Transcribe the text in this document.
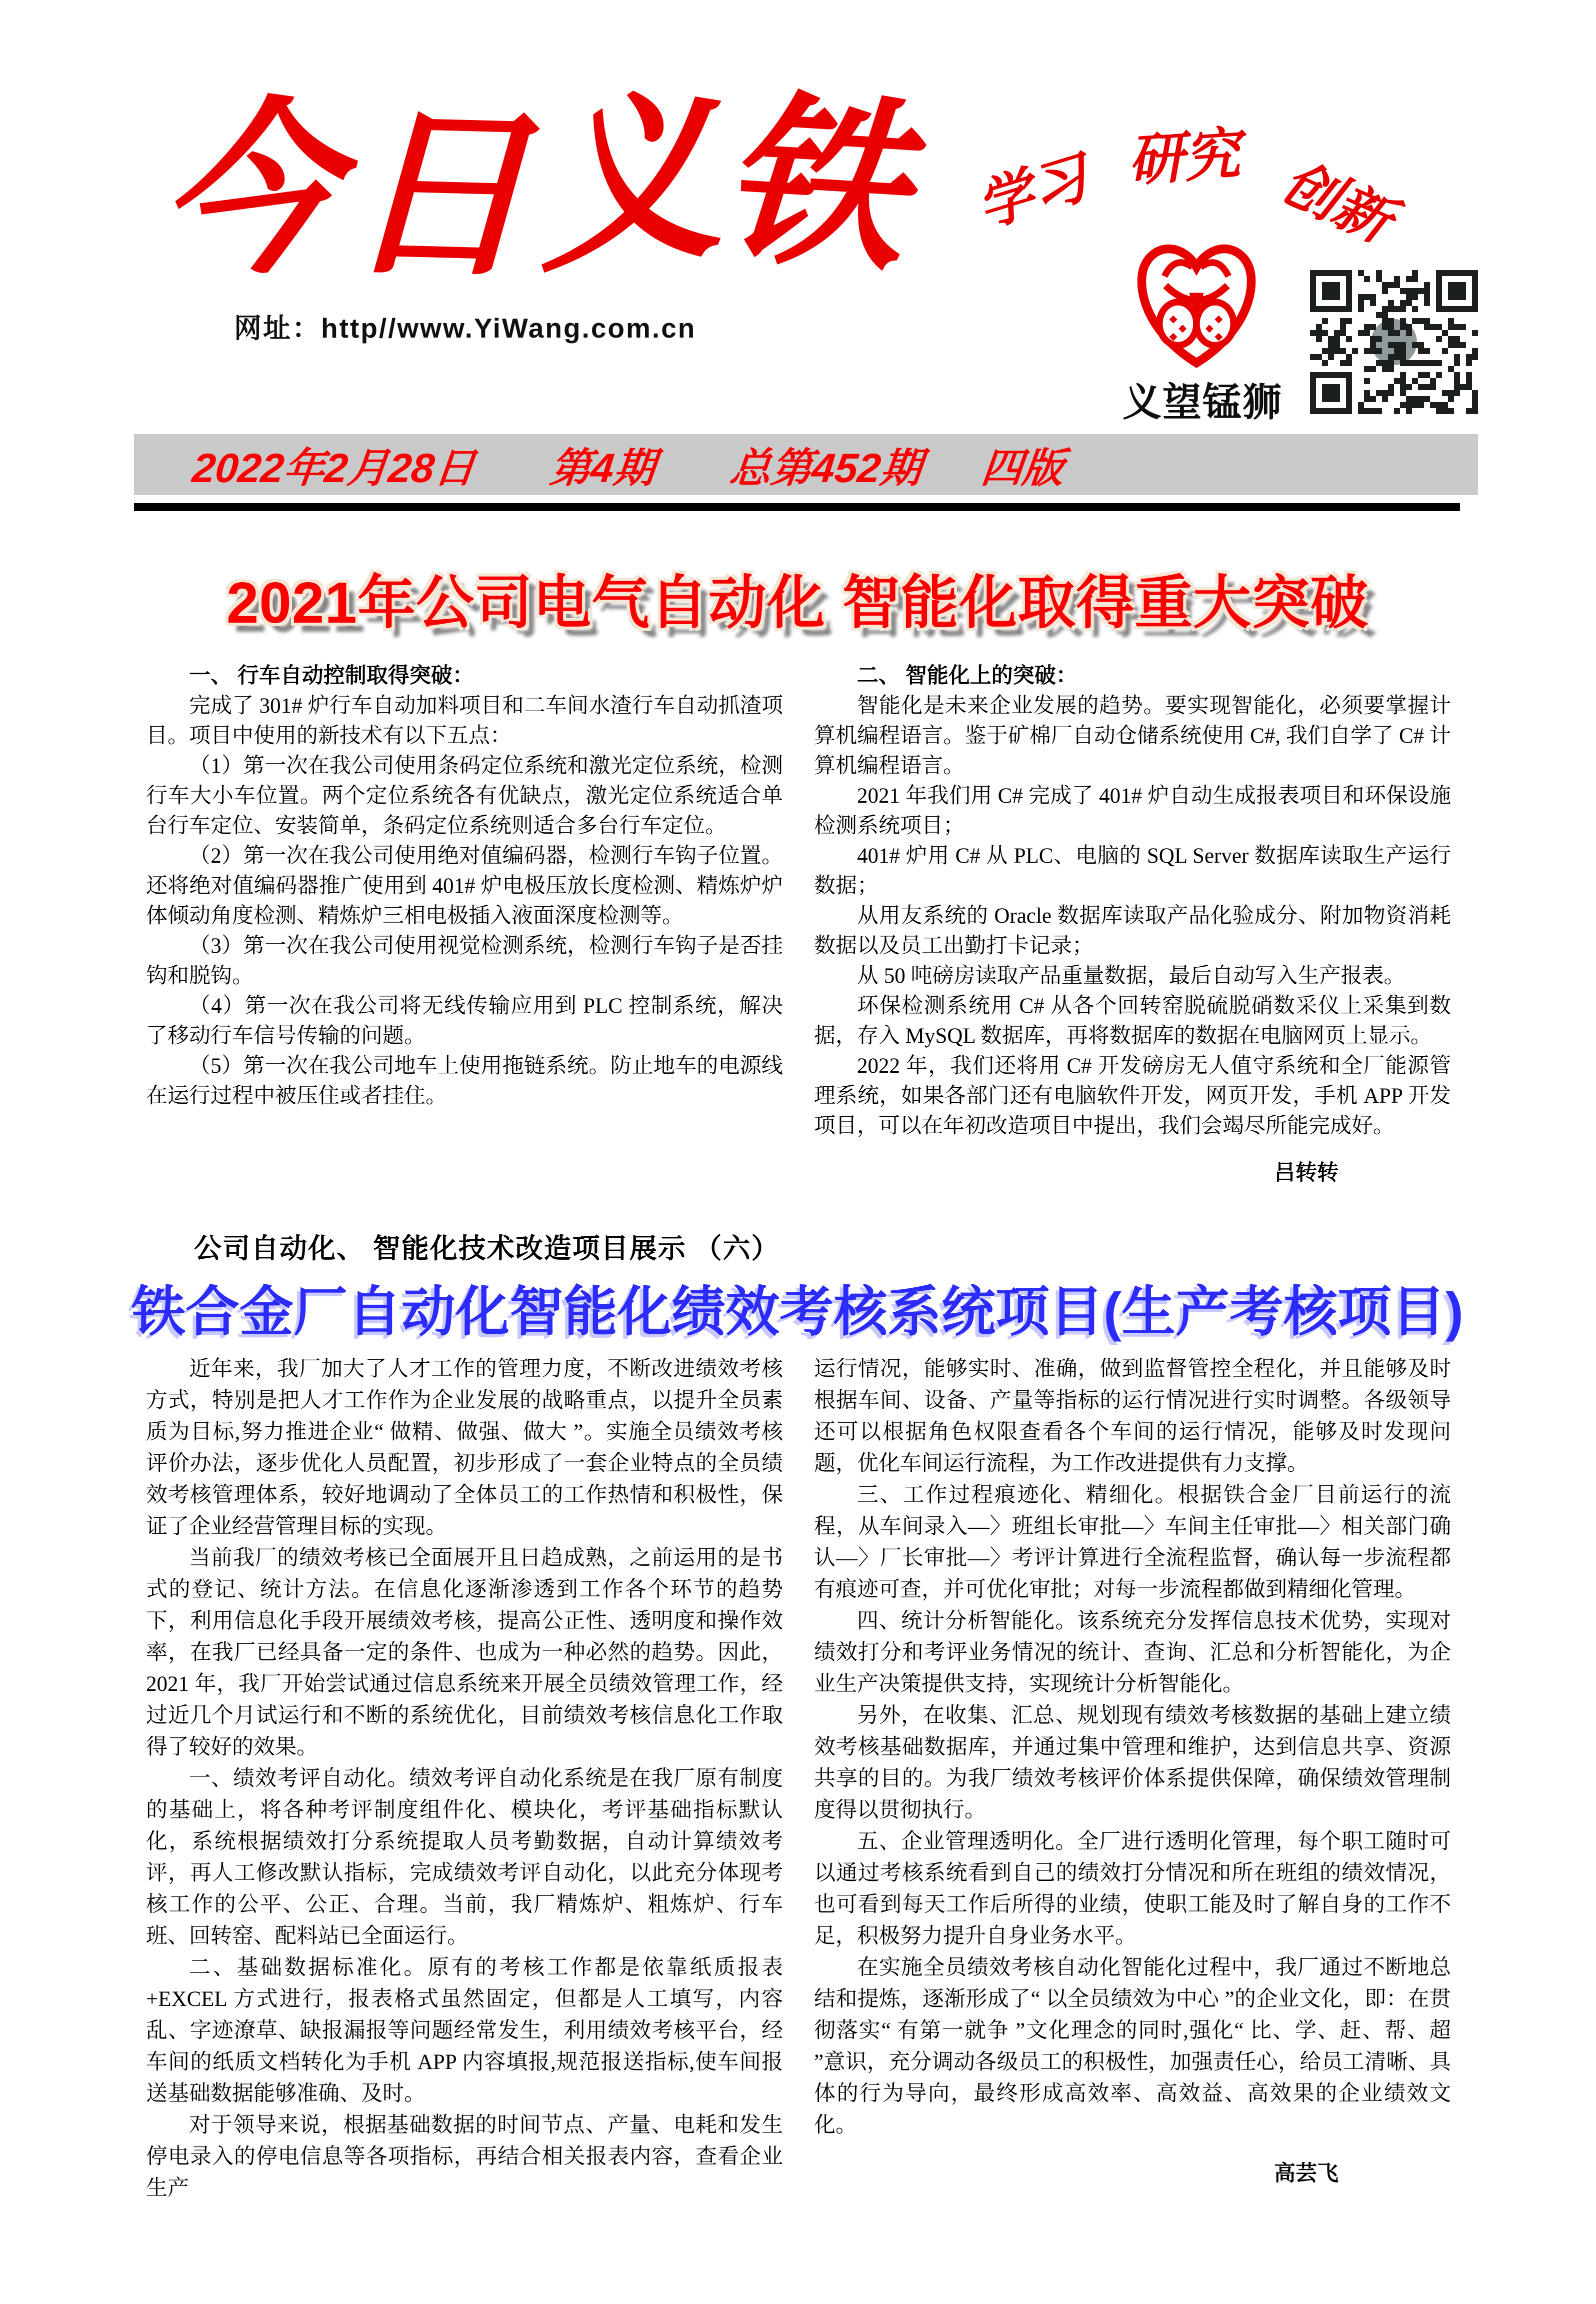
今日义铁
网址：http//www.YiWang.com.cn
学习 研究 创新
义望锰狮
2022年2月28日 第4期 总第452期 四版
2021年公司电气自动化 智能化取得重大突破

一、 行车自动控制取得突破：

完成了 301# 炉行车自动加料项目和二车间水渣行车自动抓渣项目。项目中使用的新技术有以下五点：

（1）第一次在我公司使用条码定位系统和激光定位系统，检测行车大小车位置。两个定位系统各有优缺点，激光定位系统适合单台行车定位、安装简单，条码定位系统则适合多台行车定位。

（2）第一次在我公司使用绝对值编码器，检测行车钩子位置。还将绝对值编码器推广使用到 401# 炉电极压放长度检测、精炼炉炉体倾动角度检测、精炼炉三相电极插入液面深度检测等。

（3）第一次在我公司使用视觉检测系统，检测行车钩子是否挂钩和脱钩。

（4）第一次在我公司将无线传输应用到 PLC 控制系统，解决了移动行车信号传输的问题。

（5）第一次在我公司地车上使用拖链系统。防止地车的电源线在运行过程中被压住或者挂住。

二、 智能化上的突破：

智能化是未来企业发展的趋势。要实现智能化，必须要掌握计算机编程语言。鉴于矿棉厂自动仓储系统使用 C#, 我们自学了 C# 计算机编程语言。

2021 年我们用 C# 完成了 401# 炉自动生成报表项目和环保设施检测系统项目；

401# 炉用 C# 从 PLC、电脑的 SQL Server 数据库读取生产运行数据；

从用友系统的 Oracle 数据库读取产品化验成分、附加物资消耗数据以及员工出勤打卡记录；

从 50 吨磅房读取产品重量数据，最后自动写入生产报表。

环保检测系统用 C# 从各个回转窑脱硫脱硝数采仪上采集到数据，存入 MySQL 数据库，再将数据库的数据在电脑网页上显示。

2022 年，我们还将用 C# 开发磅房无人值守系统和全厂能源管理系统，如果各部门还有电脑软件开发，网页开发，手机 APP 开发项目，可以在年初改造项目中提出，我们会竭尽所能完成好。

吕转转

公司自动化、 智能化技术改造项目展示 （六）
铁合金厂自动化智能化绩效考核系统项目(生产考核项目)

近年来，我厂加大了人才工作的管理力度，不断改进绩效考核方式，特别是把人才工作作为企业发展的战略重点，以提升全员素质为目标,努力推进企业“ 做精、做强、做大 ”。实施全员绩效考核评价办法，逐步优化人员配置，初步形成了一套企业特点的全员绩效考核管理体系，较好地调动了全体员工的工作热情和积极性，保证了企业经营管理目标的实现。

当前我厂的绩效考核已全面展开且日趋成熟，之前运用的是书式的登记、统计方法。在信息化逐渐渗透到工作各个环节的趋势下，利用信息化手段开展绩效考核，提高公正性、透明度和操作效率，在我厂已经具备一定的条件、也成为一种必然的趋势。因此，2021 年，我厂开始尝试通过信息系统来开展全员绩效管理工作，经过近几个月试运行和不断的系统优化，目前绩效考核信息化工作取得了较好的效果。

一、绩效考评自动化。绩效考评自动化系统是在我厂原有制度的基础上，将各种考评制度组件化、模块化，考评基础指标默认化，系统根据绩效打分系统提取人员考勤数据，自动计算绩效考评，再人工修改默认指标，完成绩效考评自动化，以此充分体现考核工作的公平、公正、合理。当前，我厂精炼炉、粗炼炉、行车班、回转窑、配料站已全面运行。

二、基础数据标准化。原有的考核工作都是依靠纸质报表 +EXCEL 方式进行，报表格式虽然固定，但都是人工填写，内容乱、字迹潦草、缺报漏报等问题经常发生，利用绩效考核平台，经车间的纸质文档转化为手机 APP 内容填报,规范报送指标,使车间报送基础数据能够准确、及时。

对于领导来说，根据基础数据的时间节点、产量、电耗和发生停电录入的停电信息等各项指标，再结合相关报表内容，查看企业生产

运行情况，能够实时、准确，做到监督管控全程化，并且能够及时根据车间、设备、产量等指标的运行情况进行实时调整。各级领导还可以根据角色权限查看各个车间的运行情况，能够及时发现问题，优化车间运行流程，为工作改进提供有力支撑。

三、工作过程痕迹化、精细化。根据铁合金厂目前运行的流程，从车间录入—〉班组长审批—〉车间主任审批—〉相关部门确认—〉厂长审批—〉考评计算进行全流程监督，确认每一步流程都有痕迹可查，并可优化审批；对每一步流程都做到精细化管理。

四、统计分析智能化。该系统充分发挥信息技术优势，实现对绩效打分和考评业务情况的统计、查询、汇总和分析智能化，为企业生产决策提供支持，实现统计分析智能化。

另外，在收集、汇总、规划现有绩效考核数据的基础上建立绩效考核基础数据库，并通过集中管理和维护，达到信息共享、资源共享的目的。为我厂绩效考核评价体系提供保障，确保绩效管理制度得以贯彻执行。

五、企业管理透明化。全厂进行透明化管理，每个职工随时可以通过考核系统看到自己的绩效打分情况和所在班组的绩效情况，也可看到每天工作后所得的业绩，使职工能及时了解自身的工作不足，积极努力提升自身业务水平。

在实施全员绩效考核自动化智能化过程中，我厂通过不断地总结和提炼，逐渐形成了“ 以全员绩效为中心 ”的企业文化，即：在贯彻落实“ 有第一就争 ”文化理念的同时,强化“ 比、学、赶、帮、超 ”意识，充分调动各级员工的积极性，加强责任心，给员工清晰、具体的行为导向，最终形成高效率、高效益、高效果的企业绩效文化。

高芸飞
